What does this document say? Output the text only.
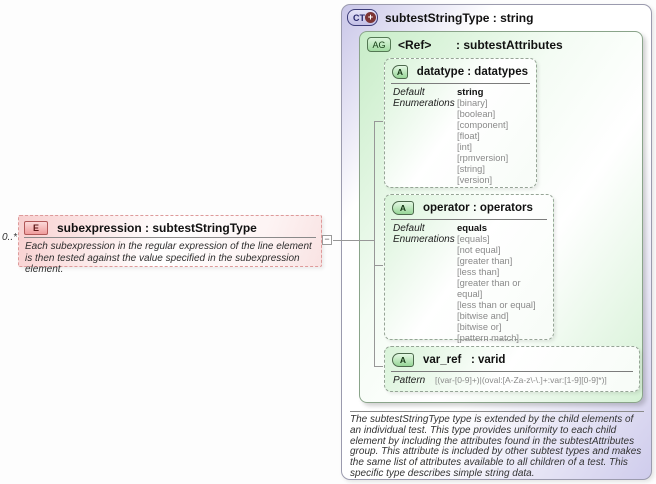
CT + subtestStringType : string
AG	<Ref>	: subtestAttributes
A	datatype : datatypes
Default	string
Enumerations [binary]
[boolean]
[component]
[float]
[int]
[rpmversion]
[string]
[version]
A	operator : operators
Default	equals
Enumerations [equals]
[not equal]
[greater than]
[less than]
[greater than or equal]
[less than or equal]
[bitwise and]
[bitwise or]
[pattern match]
A	var_ref   : varid
Pattern	[(var-[0-9]+)|(oval:[A-Za-z\-\.]+:var:[1-9][0-9]*)]
The subtestStringType type is extended by the child elements of an individual test. This type provides uniformity to each child element by including the attributes found in the subtestAttributes group. This attribute is included by other subtest types and makes the same list of attributes available to all children of a test. This specific type describes simple string data.
E	subexpression : subtestStringType
Each subexpression in the regular expression of the line element is then tested against the value specified in the subexpression element.
0..*	−
